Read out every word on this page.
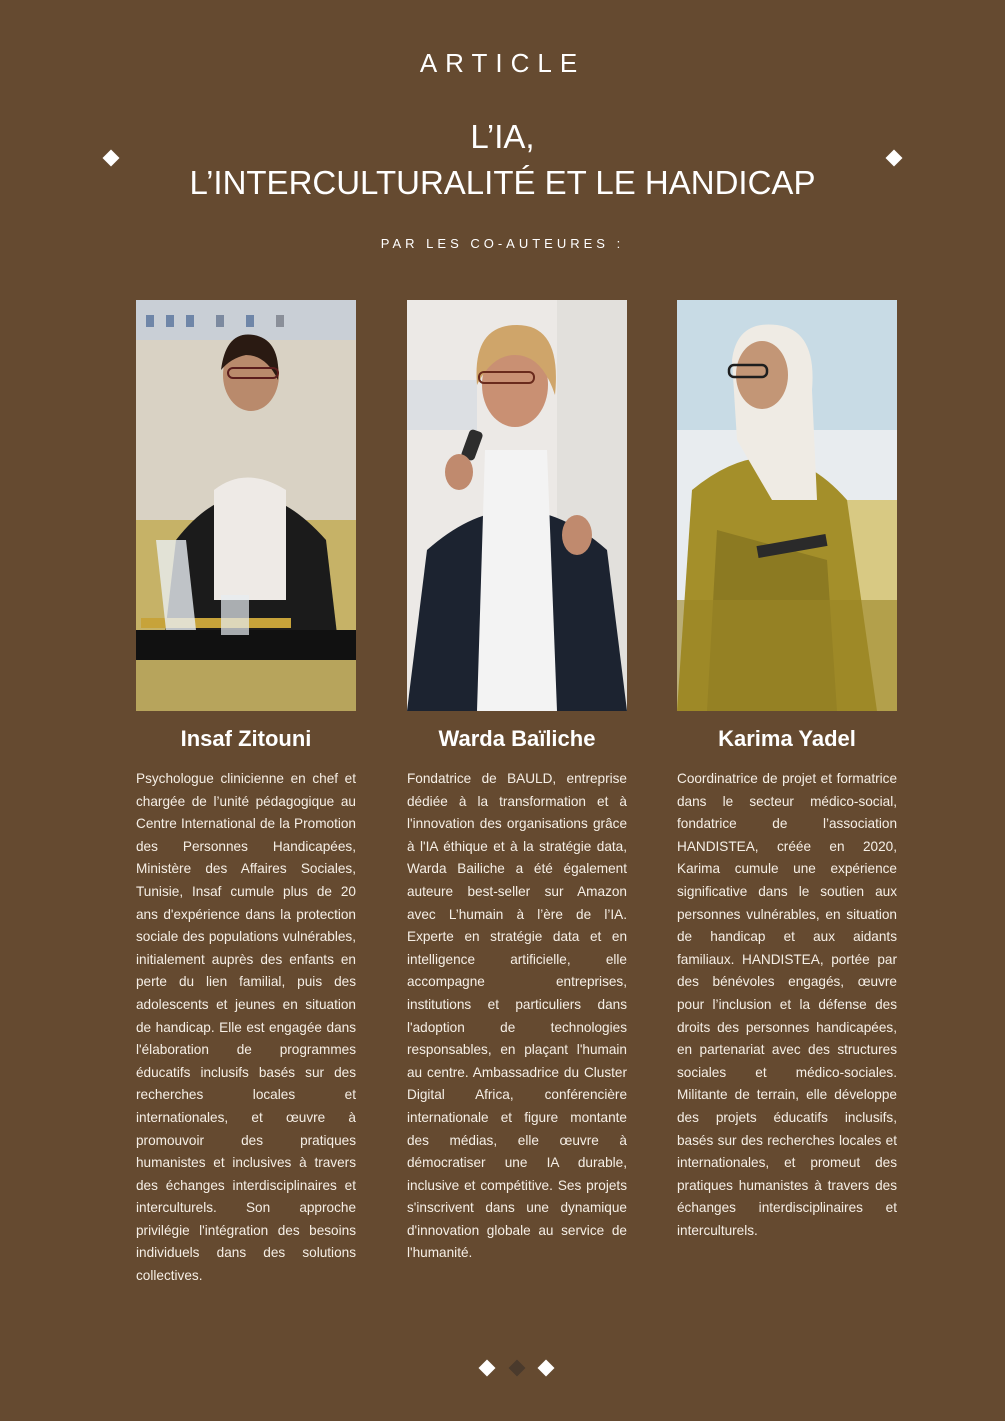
ARTICLE
L’IA,
L’INTERCULTURALITÉ ET LE HANDICAP
PAR LES CO-AUTEURES :
Insaf Zitouni
Psychologue clinicienne en chef et chargée de l’unité pédagogique au Centre International de la Promotion des Personnes Handicapées, Ministère des Affaires Sociales, Tunisie, Insaf cumule plus de 20 ans d'expérience dans la protection sociale des populations vulnérables, initialement auprès des enfants en perte du lien familial, puis des adolescents et jeunes en situation de handicap. Elle est engagée dans l'élaboration de programmes éducatifs inclusifs basés sur des recherches locales et internationales, et œuvre à promouvoir des pratiques humanistes et inclusives à travers des échanges interdisciplinaires et interculturels. Son approche privilégie l'intégration des besoins individuels dans des solutions collectives.
Warda Baïliche
Fondatrice de BAULD, entreprise dédiée à la transformation et à l'innovation des organisations grâce à l'IA éthique et à la stratégie data, Warda Bailiche a été également auteure best-seller sur Amazon avec L’humain à l’ère de l’IA. Experte en stratégie data et en intelligence artificielle, elle accompagne entreprises, institutions et particuliers dans l'adoption de technologies responsables, en plaçant l'humain au centre. Ambassadrice du Cluster Digital Africa, conférencière internationale et figure montante des médias, elle œuvre à démocratiser une IA durable, inclusive et compétitive. Ses projets s'inscrivent dans une dynamique d'innovation globale au service de l'humanité.
Karima Yadel
Coordinatrice de projet et formatrice dans le secteur médico-social, fondatrice de l’association HANDISTEA, créée en 2020, Karima cumule une expérience significative dans le soutien aux personnes vulnérables, en situation de handicap et aux aidants familiaux. HANDISTEA, portée par des bénévoles engagés, œuvre pour l’inclusion et la défense des droits des personnes handicapées, en partenariat avec des structures sociales et médico-sociales. Militante de terrain, elle développe des projets éducatifs inclusifs, basés sur des recherches locales et internationales, et promeut des pratiques humanistes à travers des échanges interdisciplinaires et interculturels.
